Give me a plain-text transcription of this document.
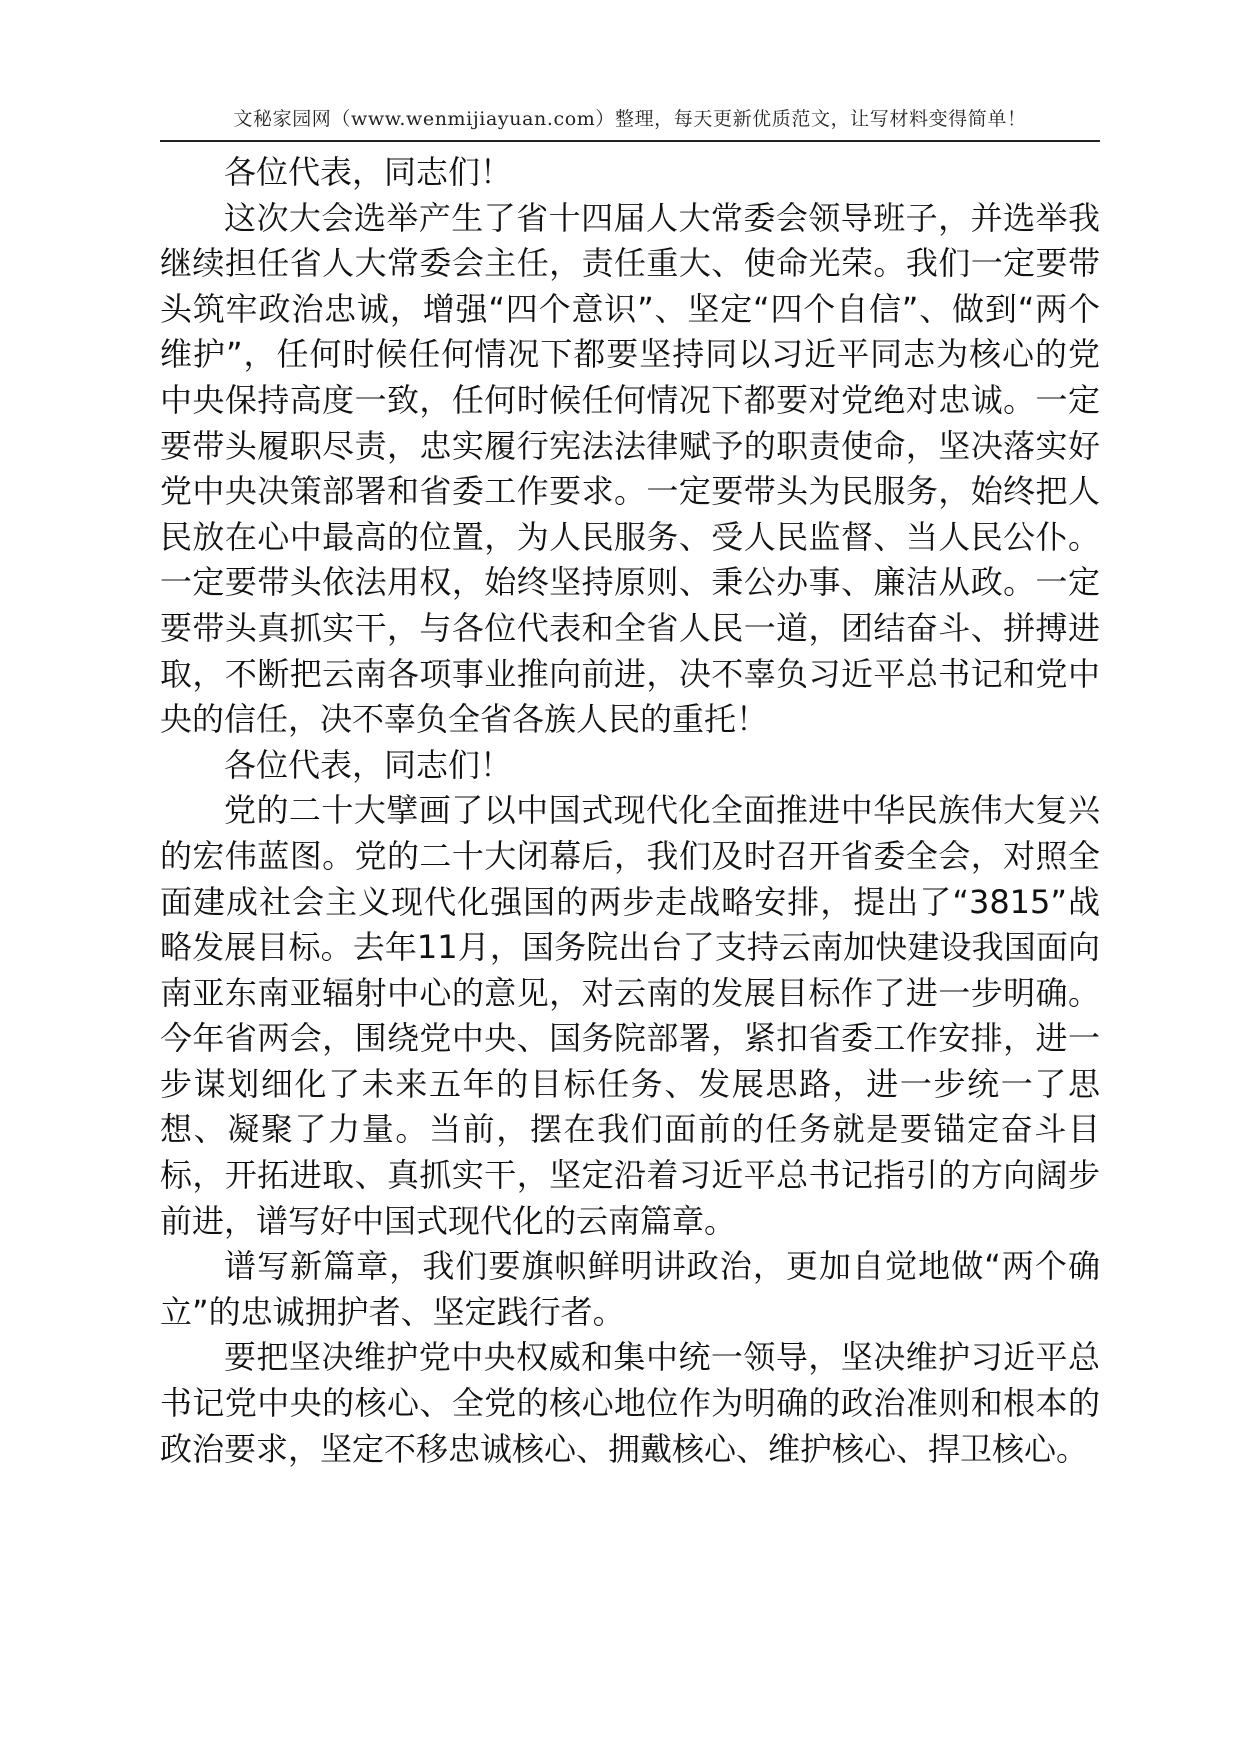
文秘家园网（www.wenmijiayuan.com）整理，每天更新优质范文，让写材料变得简单！

各位代表，同志们！

这次大会选举产生了省十四届人大常委会领导班子，并选举我继续担任省人大常委会主任，责任重大、使命光荣。我们一定要带头筑牢政治忠诚，增强“四个意识”、坚定“四个自信”、做到“两个维护”，任何时候任何情况下都要坚持同以习近平同志为核心的党中央保持高度一致，任何时候任何情况下都要对党绝对忠诚。一定要带头履职尽责，忠实履行宪法法律赋予的职责使命，坚决落实好党中央决策部署和省委工作要求。一定要带头为民服务，始终把人民放在心中最高的位置，为人民服务、受人民监督、当人民公仆。一定要带头依法用权，始终坚持原则、秉公办事、廉洁从政。一定要带头真抓实干，与各位代表和全省人民一道，团结奋斗、拼搏进取，不断把云南各项事业推向前进，决不辜负习近平总书记和党中央的信任，决不辜负全省各族人民的重托！

各位代表，同志们！

党的二十大擘画了以中国式现代化全面推进中华民族伟大复兴的宏伟蓝图。党的二十大闭幕后，我们及时召开省委全会，对照全面建成社会主义现代化强国的两步走战略安排，提出了“3815”战略发展目标。去年11月，国务院出台了支持云南加快建设我国面向南亚东南亚辐射中心的意见，对云南的发展目标作了进一步明确。今年省两会，围绕党中央、国务院部署，紧扣省委工作安排，进一步谋划细化了未来五年的目标任务、发展思路，进一步统一了思想、凝聚了力量。当前，摆在我们面前的任务就是要锚定奋斗目标，开拓进取、真抓实干，坚定沿着习近平总书记指引的方向阔步前进，谱写好中国式现代化的云南篇章。

谱写新篇章，我们要旗帜鲜明讲政治，更加自觉地做“两个确立”的忠诚拥护者、坚定践行者。

要把坚决维护党中央权威和集中统一领导，坚决维护习近平总书记党中央的核心、全党的核心地位作为明确的政治准则和根本的政治要求，坚定不移忠诚核心、拥戴核心、维护核心、捍卫核心。
